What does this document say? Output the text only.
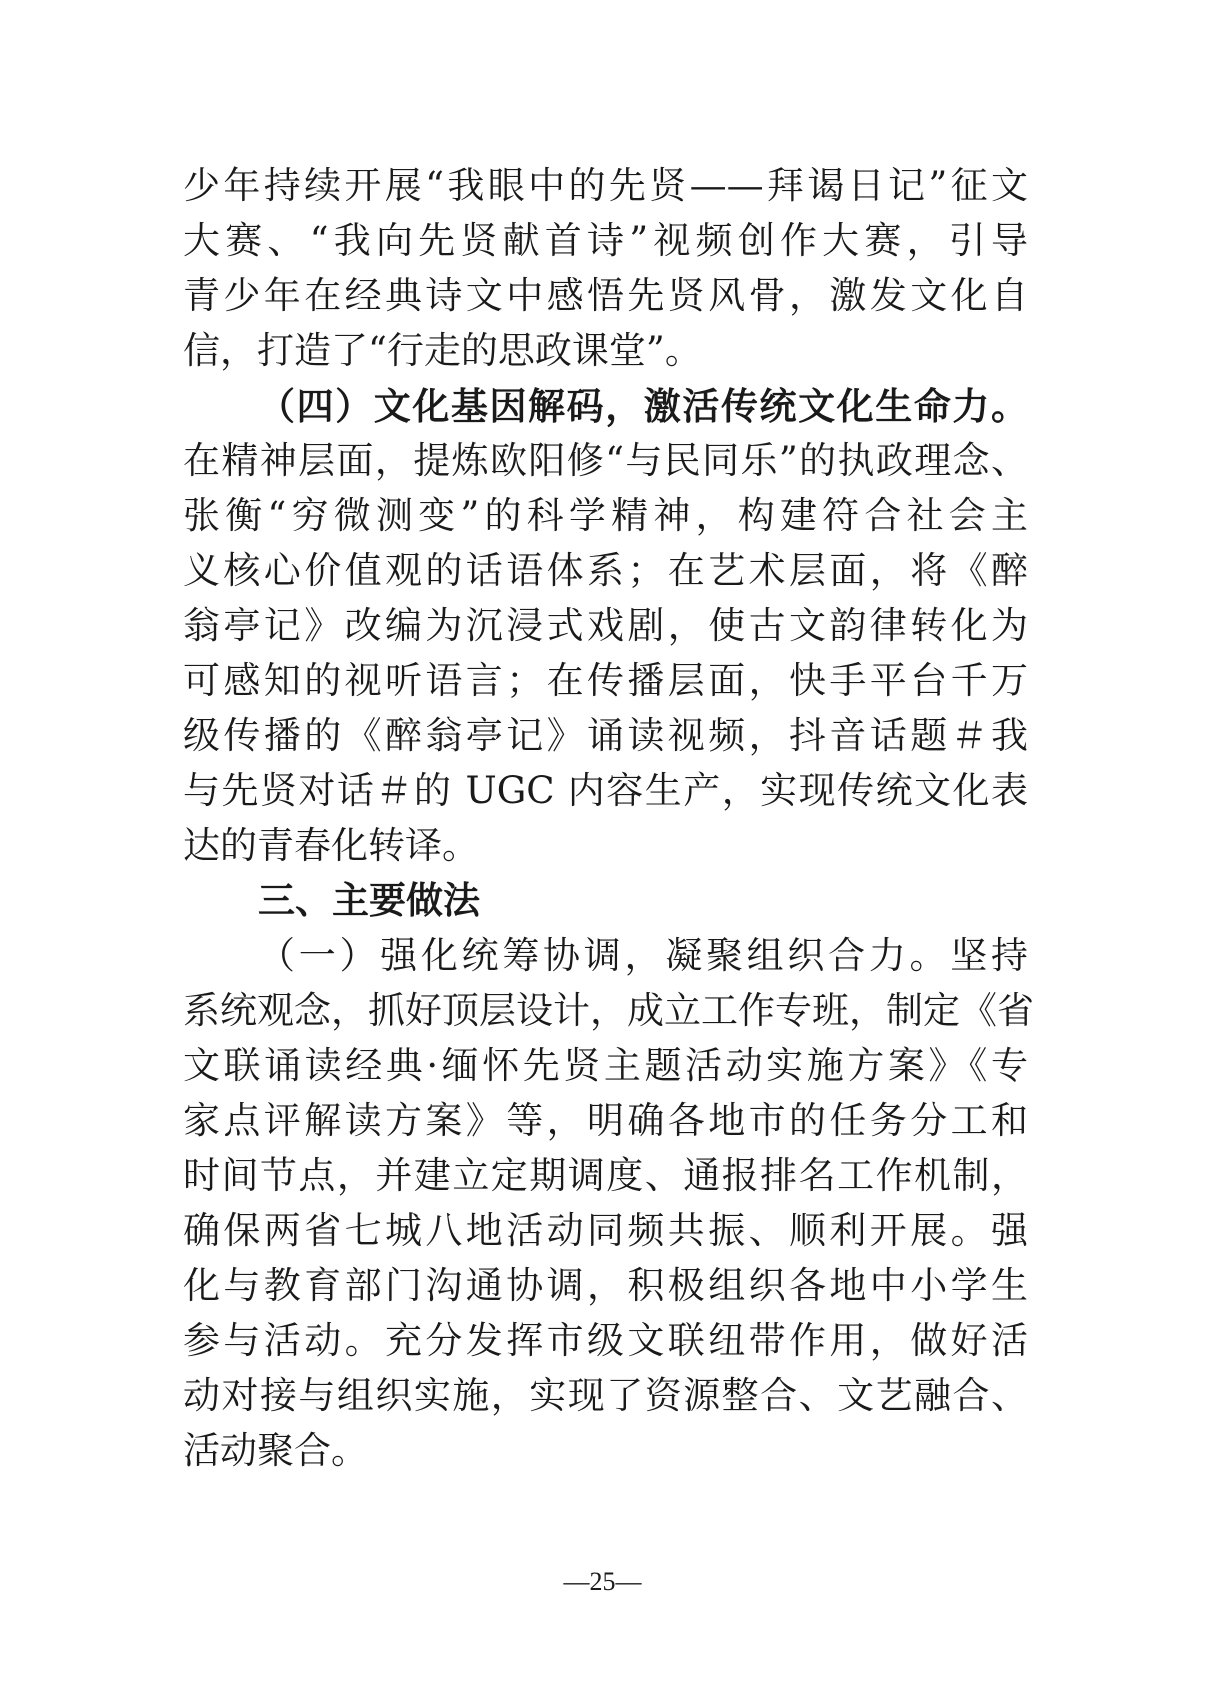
少年持续开展“我眼中的先贤——拜谒日记”征文
大赛、“我向先贤献首诗”视频创作大赛，引导
青少年在经典诗文中感悟先贤风骨，激发文化自
信，打造了“行走的思政课堂”。
（四）文化基因解码，激活传统文化生命力。
在精神层面，提炼欧阳修“与民同乐”的执政理念、
张衡“穷微测变”的科学精神，构建符合社会主
义核心价值观的话语体系；在艺术层面，将《醉
翁亭记》改编为沉浸式戏剧，使古文韵律转化为
可感知的视听语言；在传播层面，快手平台千万
级传播的《醉翁亭记》诵读视频，抖音话题＃我
与先贤对话＃的 UGC 内容生产，实现传统文化表
达的青春化转译。
三、主要做法
（一）强化统筹协调，凝聚组织合力。坚持
系统观念，抓好顶层设计，成立工作专班，制定《省
文联诵读经典·缅怀先贤主题活动实施方案》《专
家点评解读方案》等，明确各地市的任务分工和
时间节点，并建立定期调度、通报排名工作机制，
确保两省七城八地活动同频共振、顺利开展。强
化与教育部门沟通协调，积极组织各地中小学生
参与活动。充分发挥市级文联纽带作用，做好活
动对接与组织实施，实现了资源整合、文艺融合、
活动聚合。
—25—
